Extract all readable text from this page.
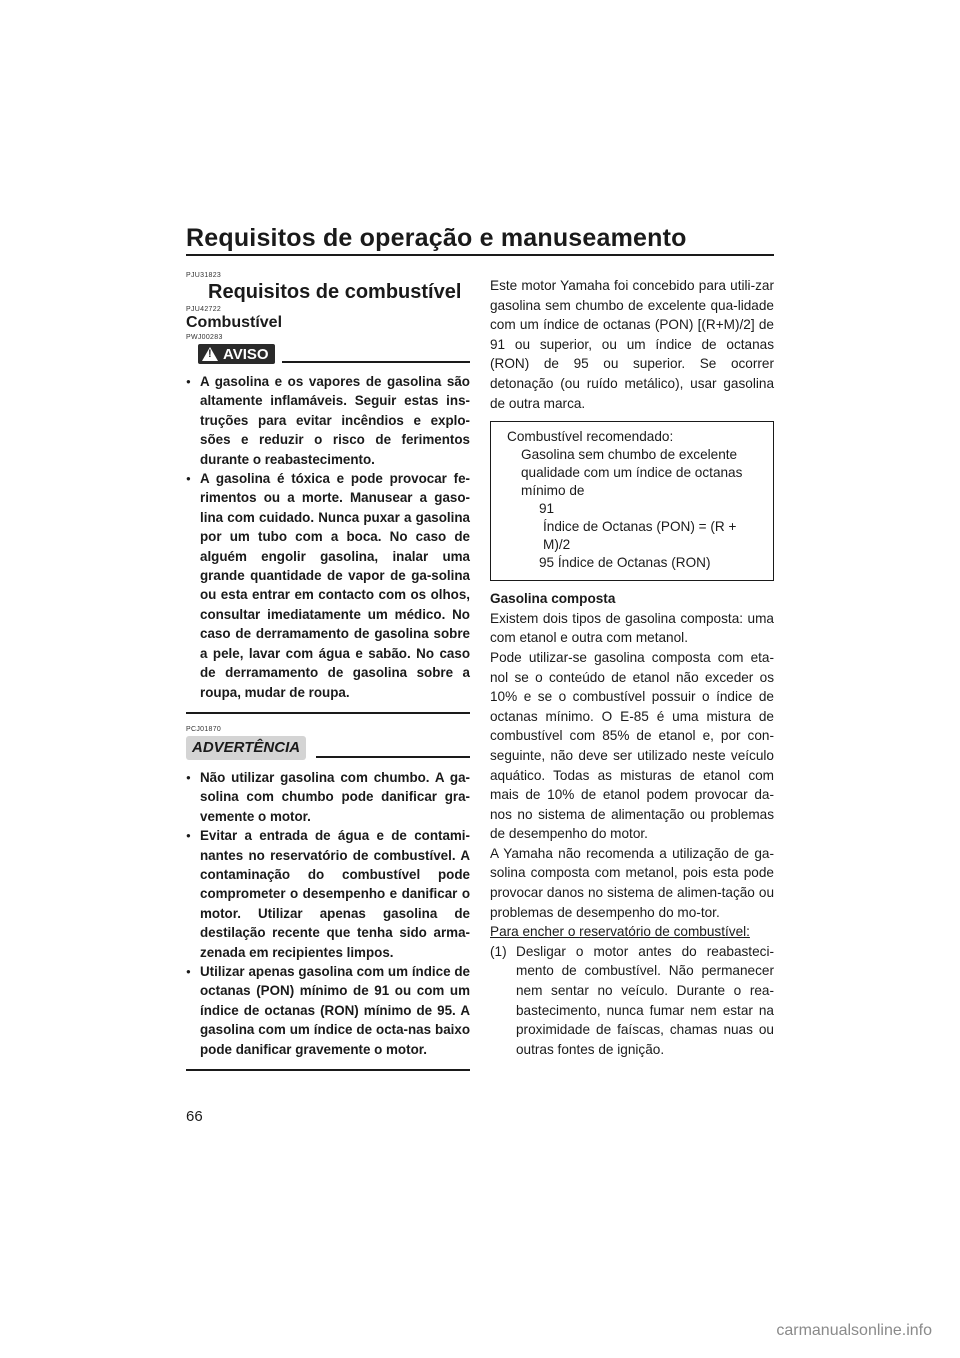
Requisitos de operação e manuseamento
PJU31823
Requisitos de combustível
PJU42722
Combustível
PWJ00283
!
AVISO
● A gasolina e os vapores de gasolina são altamente inflamáveis. Seguir estas ins-truções para evitar incêndios e explo-sões e reduzir o risco de ferimentos durante o reabastecimento.
● A gasolina é tóxica e pode provocar fe-rimentos ou a morte. Manusear a gaso-lina com cuidado. Nunca puxar a gasolina por um tubo com a boca. No caso de alguém engolir gasolina, inalar uma grande quantidade de vapor de ga-solina ou esta entrar em contacto com os olhos, consultar imediatamente um médico. No caso de derramamento de gasolina sobre a pele, lavar com água e sabão. No caso de derramamento de gasolina sobre a roupa, mudar de roupa.
PCJ01870
ADVERTÊNCIA
● Não utilizar gasolina com chumbo. A ga-solina com chumbo pode danificar gra-vemente o motor.
● Evitar a entrada de água e de contami-nantes no reservatório de combustível. A contaminação do combustível pode comprometer o desempenho e danificar o motor. Utilizar apenas gasolina de destilação recente que tenha sido arma-zenada em recipientes limpos.
● Utilizar apenas gasolina com um índice de octanas (PON) mínimo de 91 ou com um índice de octanas (RON) mínimo de 95. A gasolina com um índice de octa-nas baixo pode danificar gravemente o motor.

Este motor Yamaha foi concebido para utili-zar gasolina sem chumbo de excelente qua-lidade com um índice de octanas (PON) [(R+M)/2] de 91 ou superior, ou um índice de octanas (RON) de 95 ou superior. Se ocorrer detonação (ou ruído metálico), usar gasolina de outra marca.

Combustível recomendado:
Gasolina sem chumbo de excelente qualidade com um índice de octanas mínimo de
91
Índice de Octanas (PON) = (R + M)/2
95 Índice de Octanas (RON)
Gasolina composta

Existem dois tipos de gasolina composta: uma com etanol e outra com metanol.

Pode utilizar-se gasolina composta com eta-nol se o conteúdo de etanol não exceder os 10% e se o combustível possuir o índice de octanas mínimo. O E-85 é uma mistura de combustível com 85% de etanol e, por con-seguinte, não deve ser utilizado neste veículo aquático. Todas as misturas de etanol com mais de 10% de etanol podem provocar da-nos no sistema de alimentação ou problemas de desempenho do motor.

A Yamaha não recomenda a utilização de ga-solina composta com metanol, pois esta pode provocar danos no sistema de alimen-tação ou problemas de desempenho do mo-tor.

Para encher o reservatório de combustível:
(1) Desligar o motor antes do reabasteci-mento de combustível. Não permanecer nem sentar no veículo. Durante o rea-bastecimento, nunca fumar nem estar na proximidade de faíscas, chamas nuas ou outras fontes de ignição.
66
carmanualsonline.info
